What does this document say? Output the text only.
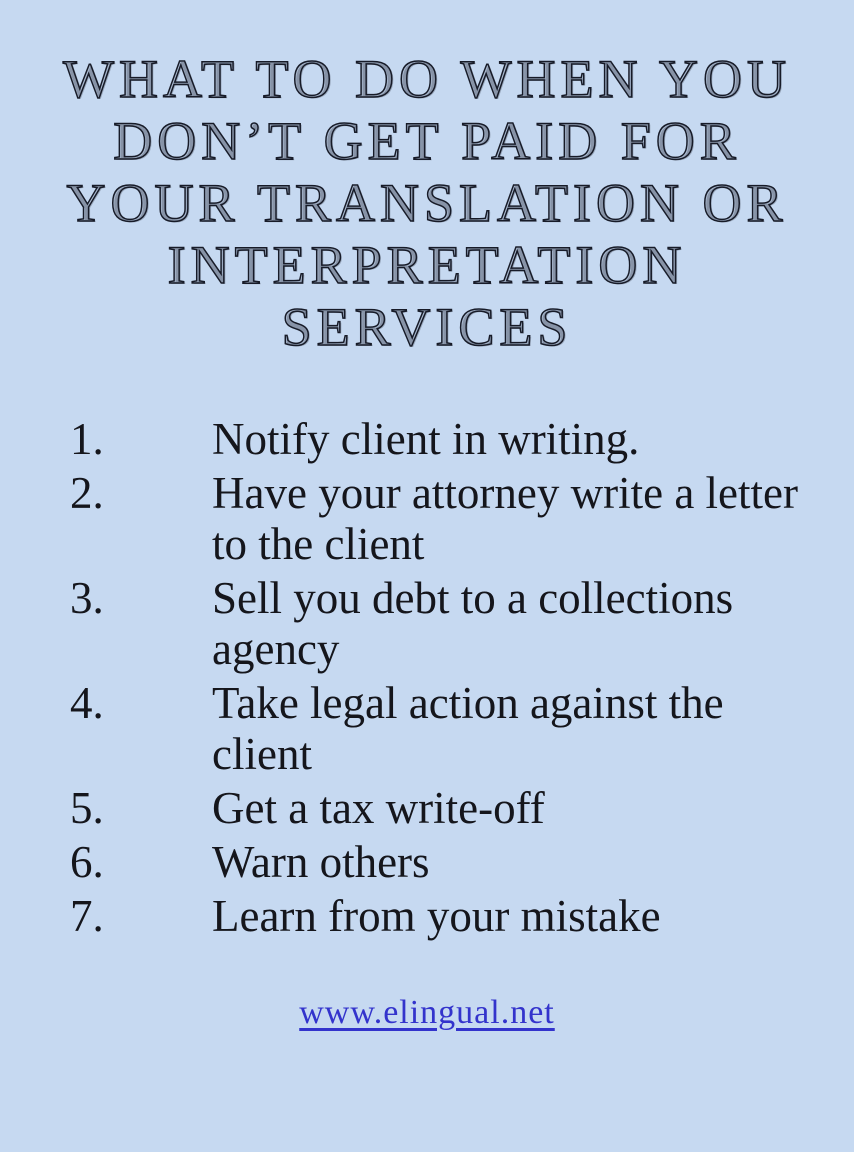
WHAT TO DO WHEN YOU
DON’T GET PAID FOR
YOUR TRANSLATION OR
INTERPRETATION
SERVICES
1.	Notify client in writing.
2.	Have your attorney write a letter to the client
3.	Sell you debt to a collections agency
4.	Take legal action against the client
5.	Get a tax write-off
6.	Warn others
7.	Learn from your mistake
www.elingual.net
